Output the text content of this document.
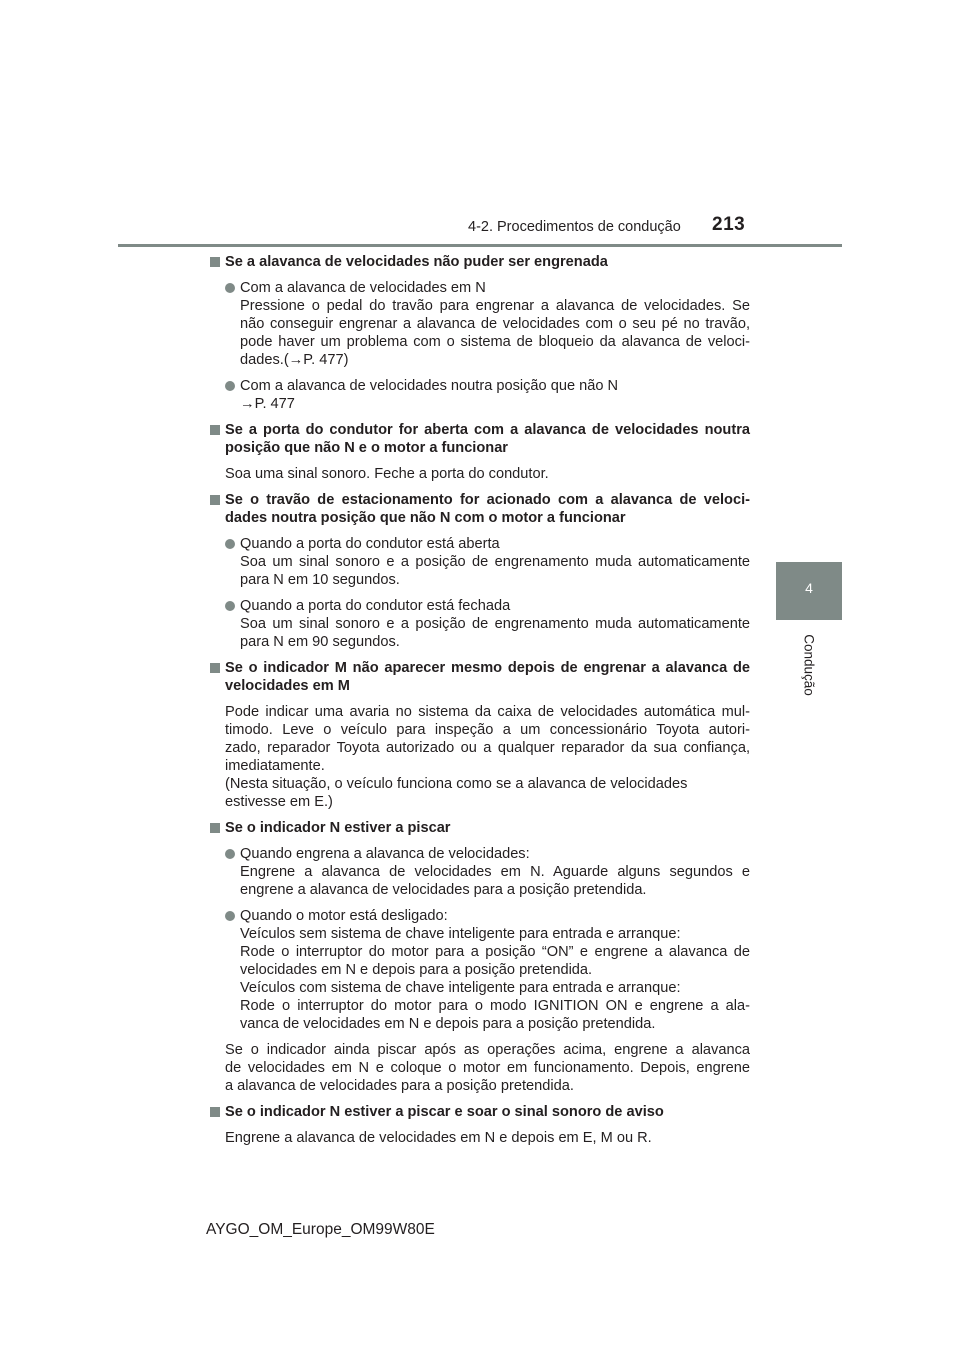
4-2. Procedimentos de condução 213
4
Condução
Se a alavanca de velocidades não puder ser engrenada
Com a alavanca de velocidades em N
Pressione o pedal do travão para engrenar a alavanca de velocidades. Se
não conseguir engrenar a alavanca de velocidades com o seu pé no travão,
pode haver um problema com o sistema de bloqueio da alavanca de veloci-
dades.(→P. 477)
Com a alavanca de velocidades noutra posição que não N
→P. 477
Se a porta do condutor for aberta com a alavanca de velocidades noutra
posição que não N e o motor a funcionar
Soa uma sinal sonoro. Feche a porta do condutor.
Se o travão de estacionamento for acionado com a alavanca de veloci-
dades noutra posição que não N com o motor a funcionar
Quando a porta do condutor está aberta
Soa um sinal sonoro e a posição de engrenamento muda automaticamente
para N em 10 segundos.
Quando a porta do condutor está fechada
Soa um sinal sonoro e a posição de engrenamento muda automaticamente
para N em 90 segundos.
Se o indicador M não aparecer mesmo depois de engrenar a alavanca de
velocidades em M
Pode indicar uma avaria no sistema da caixa de velocidades automática mul-
timodo. Leve o veículo para inspeção a um concessionário Toyota autori-
zado, reparador Toyota autorizado ou a qualquer reparador da sua confiança,
imediatamente.
(Nesta situação, o veículo funciona como se a alavanca de velocidades
estivesse em E.)
Se o indicador N estiver a piscar
Quando engrena a alavanca de velocidades:
Engrene a alavanca de velocidades em N. Aguarde alguns segundos e
engrene a alavanca de velocidades para a posição pretendida.
Quando o motor está desligado:
Veículos sem sistema de chave inteligente para entrada e arranque:
Rode o interruptor do motor para a posição “ON” e engrene a alavanca de
velocidades em N e depois para a posição pretendida.
Veículos com sistema de chave inteligente para entrada e arranque:
Rode o interruptor do motor para o modo IGNITION ON e engrene a ala-
vanca de velocidades em N e depois para a posição pretendida.
Se o indicador ainda piscar após as operações acima, engrene a alavanca
de velocidades em N e coloque o motor em funcionamento. Depois, engrene
a alavanca de velocidades para a posição pretendida.
Se o indicador N estiver a piscar e soar o sinal sonoro de aviso
Engrene a alavanca de velocidades em N e depois em E, M ou R.
AYGO_OM_Europe_OM99W80E
